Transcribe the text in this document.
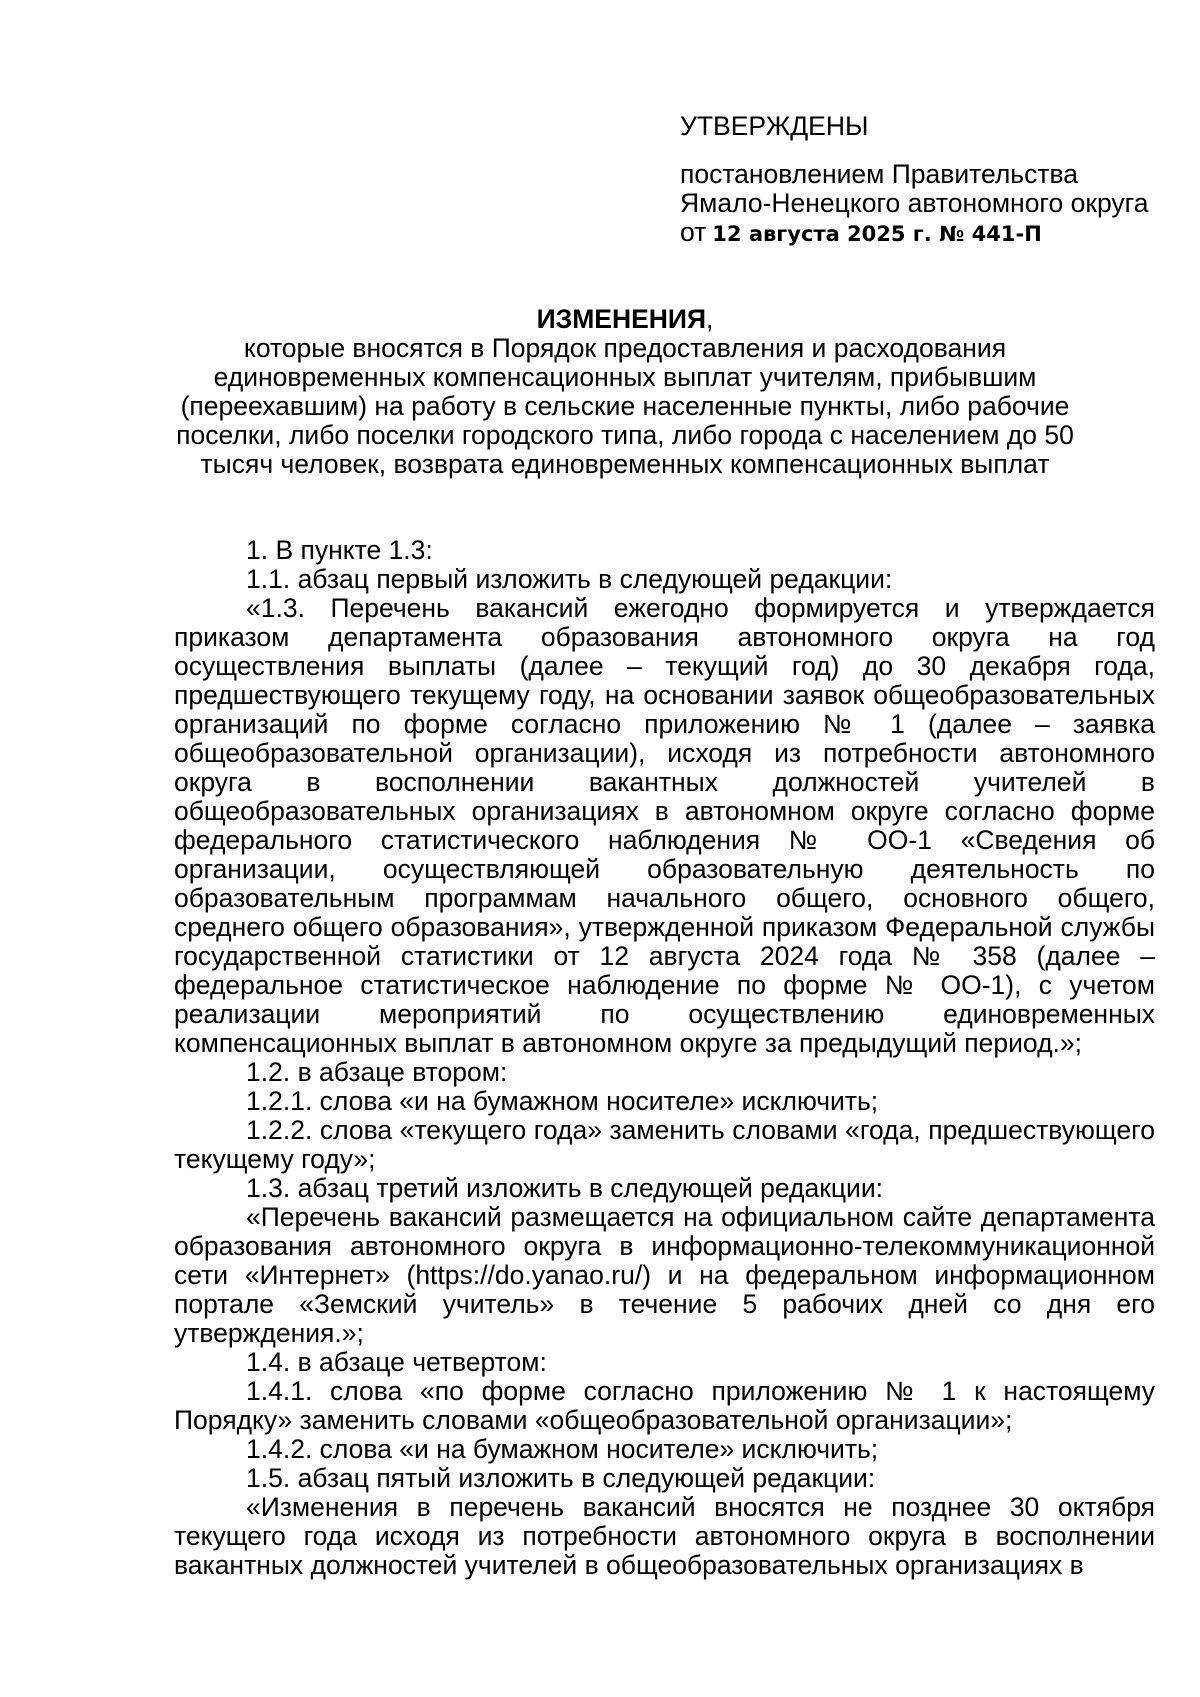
УТВЕРЖДЕНЫ
постановлением Правительства
Ямало-Ненецкого автономного округа
от 12 августа 2025 г. № 441-П
ИЗМЕНЕНИЯ,
которые вносятся в Порядок предоставления и расходования единовременных компенсационных выплат учителям, прибывшим (переехавшим) на работу в сельские населенные пункты, либо рабочие поселки, либо поселки городского типа, либо города с населением до 50 тысяч человек, возврата единовременных компенсационных выплат

1. В пункте 1.3:

1.1. абзац первый изложить в следующей редакции:

«1.3. Перечень вакансий ежегодно формируется и утверждается приказом департамента образования автономного округа на год осуществления выплаты (далее – текущий год) до 30 декабря года, предшествующего текущему году, на основании заявок общеобразовательных организаций по форме согласно приложению № 1 (далее – заявка общеобразовательной организации), исходя из потребности автономного округа в восполнении вакантных должностей учителей в общеобразовательных организациях в автономном округе согласно форме федерального статистического наблюдения № ОО-1 «Сведения об организации, осуществляющей образовательную деятельность по образовательным программам начального общего, основного общего, среднего общего образования», утвержденной приказом Федеральной службы государственной статистики от 12 августа 2024 года № 358 (далее – федеральное статистическое наблюдение по форме № ОО-1), с учетом реализации мероприятий по осуществлению единовременных компенсационных выплат в автономном округе за предыдущий период.»;

1.2. в абзаце втором:

1.2.1. слова «и на бумажном носителе» исключить;

1.2.2. слова «текущего года» заменить словами «года, предшествующего текущему году»;

1.3. абзац третий изложить в следующей редакции:

«Перечень вакансий размещается на официальном сайте департамента образования автономного округа в информационно-телекоммуникационной сети «Интернет» (https://do.yanao.ru/) и на федеральном информационном портале «Земский учитель» в течение 5 рабочих дней со дня его утверждения.»;

1.4. в абзаце четвертом:

1.4.1. слова «по форме согласно приложению № 1 к настоящему Порядку» заменить словами «общеобразовательной организации»;

1.4.2. слова «и на бумажном носителе» исключить;

1.5. абзац пятый изложить в следующей редакции:

«Изменения в перечень вакансий вносятся не позднее 30 октября текущего года исходя из потребности автономного округа в восполнении вакантных должностей учителей в общеобразовательных организациях в
